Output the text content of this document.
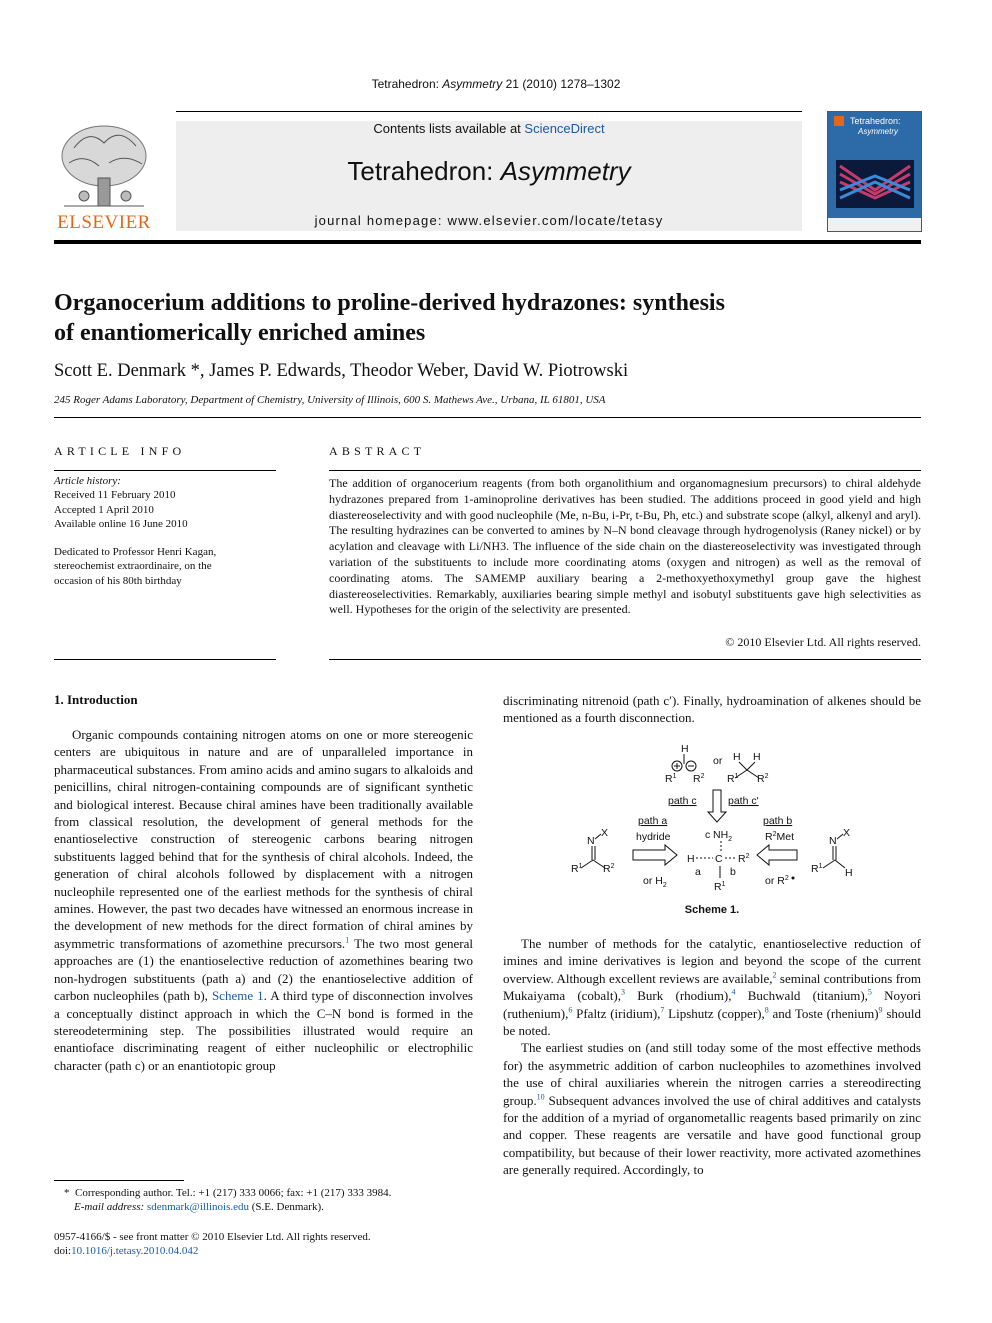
Tetrahedron: Asymmetry 21 (2010) 1278–1302
ELSEVIER
Contents lists available at ScienceDirect
Tetrahedron: Asymmetry
journal homepage: www.elsevier.com/locate/tetasy
Tetrahedron:
Asymmetry
Organocerium additions to proline-derived hydrazones: synthesis
of enantiomerically enriched amines
Scott E. Denmark *, James P. Edwards, Theodor Weber, David W. Piotrowski
245 Roger Adams Laboratory, Department of Chemistry, University of Illinois, 600 S. Mathews Ave., Urbana, IL 61801, USA
ARTICLE INFO
Article history:
Received 11 February 2010
Accepted 1 April 2010
Available online 16 June 2010
Dedicated to Professor Henri Kagan,
stereochemist extraordinaire, on the
occasion of his 80th birthday
ABSTRACT
The addition of organocerium reagents (from both organolithium and organomagnesium precursors) to chiral aldehyde hydrazones prepared from 1-aminoproline derivatives has been studied. The additions proceed in good yield and high diastereoselectivity and with good nucleophile (Me, n-Bu, i-Pr, t-Bu, Ph, etc.) and substrate scope (alkyl, alkenyl and aryl). The resulting hydrazines can be converted to amines by N–N bond cleavage through hydrogenolysis (Raney nickel) or by acylation and cleavage with Li/NH3. The influence of the side chain on the diastereoselectivity was investigated through variation of the substituents to include more coordinating atoms (oxygen and nitrogen) as well as the removal of coordinating atoms. The SAMEMP auxiliary bearing a 2-methoxyethoxymethyl group gave the highest diastereoselectivities. Remarkably, auxiliaries bearing simple methyl and isobutyl substituents gave high selectivities as well. Hypotheses for the origin of the selectivity are presented.
© 2010 Elsevier Ltd. All rights reserved.
1. Introduction

Organic compounds containing nitrogen atoms on one or more stereogenic centers are ubiquitous in nature and are of unparalleled importance in pharmaceutical substances. From amino acids and amino sugars to alkaloids and penicillins, chiral nitrogen-containing compounds are of significant synthetic and biological interest. Because chiral amines have been traditionally available from classical resolution, the development of general methods for the enantioselective construction of stereogenic carbons bearing nitrogen substituents lagged behind that for the synthesis of chiral alcohols. Indeed, the generation of chiral alcohols followed by displacement with a nitrogen nucleophile represented one of the earliest methods for the synthesis of chiral amines. However, the past two decades have witnessed an enormous increase in the development of new methods for the direct formation of chiral amines by asymmetric transformations of azomethine precursors.$^1$ The two most general approaches are (1) the enantioselective reduction of azomethines bearing two non-hydrogen substituents (path a) and (2) the enantioselective addition of carbon nucleophiles (path b), Scheme 1. A third type of disconnection involves a conceptually distinct approach in which the C–N bond is formed in the stereodetermining step. The possibilities illustrated would require an enantioface discriminating reagent of either nucleophilic or electrophilic character (path c) or an enantiotopic group

discriminating nitrenoid (path c′). Finally, hydroamination of alkenes should be mentioned as a fourth disconnection.

H
$R^1$ $R^2$
or H H
$R^1$ $R^2$
path c	path c'
N
X
$R^1$ $R^2$
path a
hydride
or $H_2$
c $NH_2$
H C $R^2$
a	b
$R^1$
path b
$R^2Met$
or $R^2$
N
X
$R^1$
H
Scheme 1.

The number of methods for the catalytic, enantioselective reduction of imines and imine derivatives is legion and beyond the scope of the current overview. Although excellent reviews are available,$^2$ seminal contributions from Mukaiyama (cobalt),$^3$ Burk (rhodium),$^4$ Buchwald (titanium),$^5$ Noyori (ruthenium),$^6$ Pfaltz (iridium),$^7$ Lipshutz (copper),$^8$ and Toste (rhenium)$^9$ should be noted.

The earliest studies on (and still today some of the most effective methods for) the asymmetric addition of carbon nucleophiles to azomethines involved the use of chiral auxiliaries wherein the nitrogen carries a stereodirecting group.$^{10}$ Subsequent advances involved the use of chiral additives and catalysts for the addition of a myriad of organometallic reagents based primarily on zinc and copper. These reagents are versatile and have good functional group compatibility, but because of their lower reactivity, more activated azomethines are generally required. Accordingly, to

* Corresponding author. Tel.: +1 (217) 333 0066; fax: +1 (217) 333 3984.
E-mail address: sdenmark@illinois.edu (S.E. Denmark).
0957-4166/$ - see front matter © 2010 Elsevier Ltd. All rights reserved.
doi:10.1016/j.tetasy.2010.04.042
